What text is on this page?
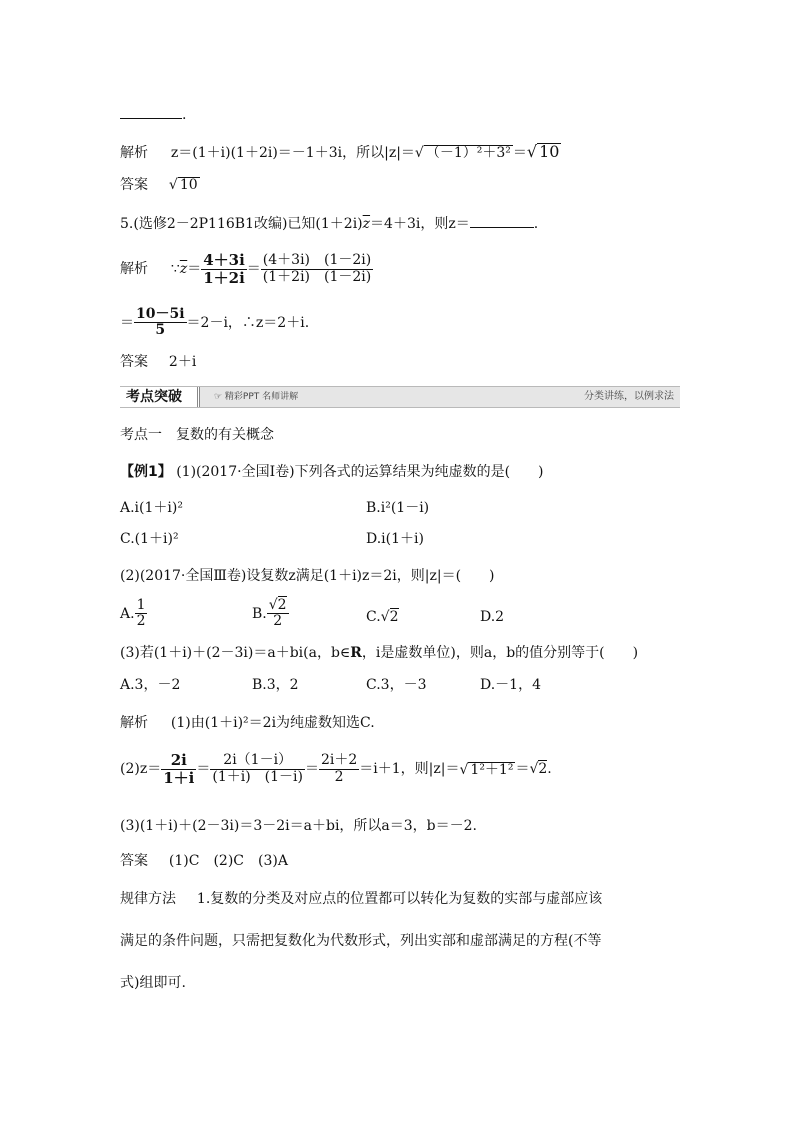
.
解析 z＝(1＋i)(1＋2i)＝－1＋3i，所以|z|＝√ （－1）²＋3² ＝√ 10
答案 √ 10
5.(选修2－2P116B1改编)已知$(1+2i)\overline{z}=4+3i$，则z＝	.
解析 $\because\overline{z}= \frac{4+3i}{1+2i} = \frac{(4+3i) (1-2i)}{(1+2i) (1-2i)}$
＝ $\frac{10-5i}{5} =2-i$，∴z＝2＋i.
答案 2＋i
考点突破	☞ 精彩PPT 名师讲解	分类讲练，以例求法
考点一　复数的有关概念
【例1】 (1)(2017·全国Ⅰ卷)下列各式的运算结果为纯虚数的是(　　)
A.i(1＋i)²	B.i²(1－i)
C.(1＋i)²	D.i(1＋i)
(2)(2017·全国Ⅲ卷)设复数z满足(1＋i)z＝2i，则|z|＝(　　)
A. $\frac{1}{2}$	B. $\frac{√2}{2}$	C.√2	D.2
(3)若(1＋i)＋(2－3i)＝a＋bi(a，b∈R，i是虚数单位)，则a，b的值分别等于(　　)
A.3，－2	B.3，2	C.3，－3	D.－1，4
解析 (1)由(1＋i)²＝2i为纯虚数知选C.
$(2)z= \frac{2i}{1+i} = \frac{2i(1-i)}{(1+i) (1-i)} = \frac{2i+2}{2} =i+1$，则|z|＝√ 1²＋1² ＝√2.
(3)(1＋i)＋(2－3i)＝3－2i＝a＋bi，所以a＝3，b＝－2.
答案 (1)C　(2)C　(3)A
规律方法 1.复数的分类及对应点的位置都可以转化为复数的实部与虚部应该
满足的条件问题，只需把复数化为代数形式，列出实部和虚部满足的方程(不等
式)组即可.
